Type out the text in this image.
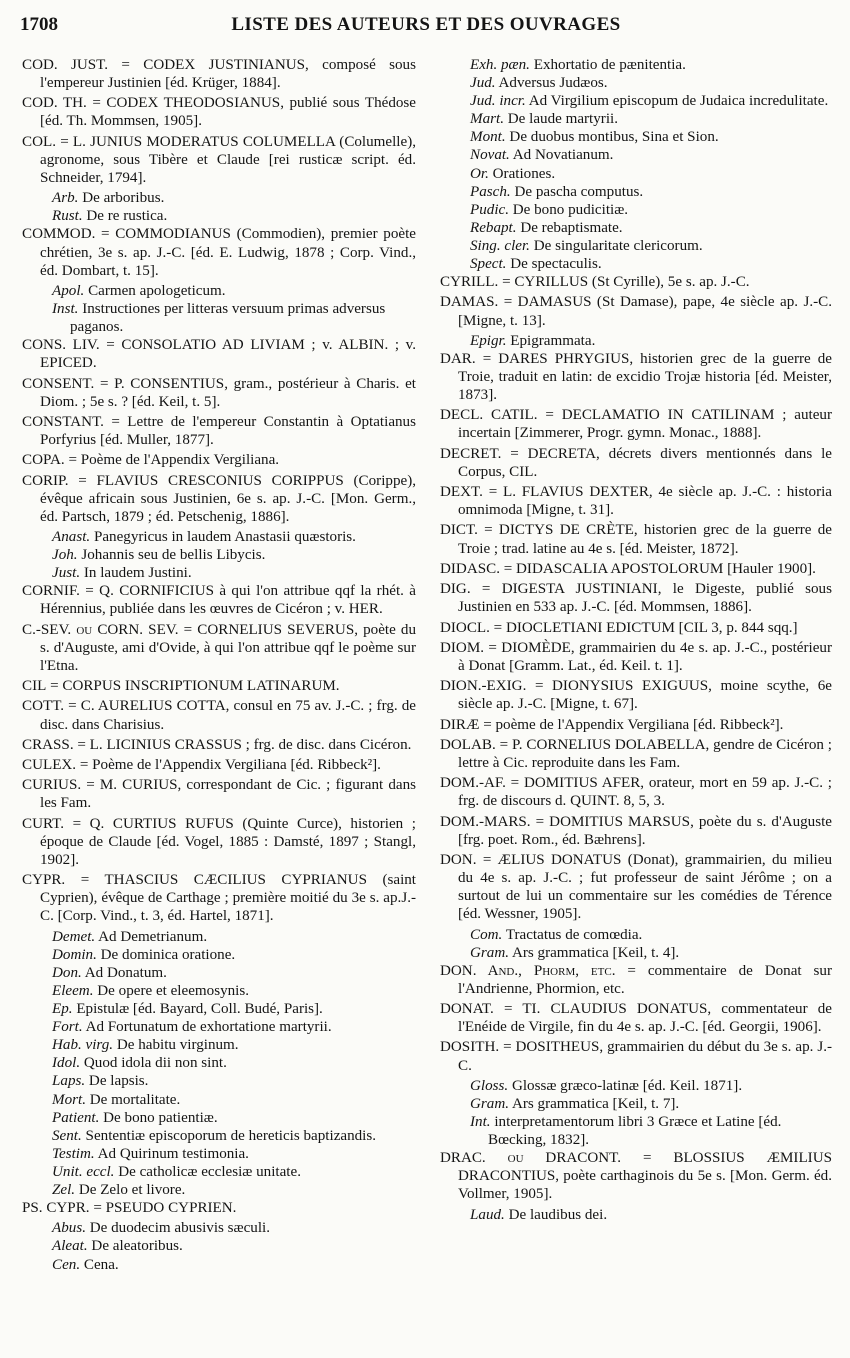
1708	LISTE DES AUTEURS ET DES OUVRAGES
COD. JUST. = CODEX JUSTINIANUS, composé sous l'empereur Justinien [éd. Krüger, 1884].
COD. TH. = CODEX THEODOSIANUS, publié sous Thédose [éd. Th. Mommsen, 1905].
COL. = L. JUNIUS MODERATUS COLUMELLA (Columelle), agronome, sous Tibère et Claude [rei rusticæ script. éd. Schneider, 1794].
Arb. De arboribus.
Rust. De re rustica.
COMMOD. = COMMODIANUS (Commodien), premier poète chrétien, 3e s. ap. J.-C. [éd. E. Ludwig, 1878 ; Corp. Vind., éd. Dombart, t. 15].
Apol. Carmen apologeticum.
Inst. Instructiones per litteras versuum primas adversus paganos.
CONS. LIV. = CONSOLATIO AD LIVIAM ; v. ALBIN. ; v. EPICED.
CONSENT. = P. CONSENTIUS, gram., postérieur à Charis. et Diom. ; 5e s. ? [éd. Keil, t. 5].
CONSTANT. = Lettre de l'empereur Constantin à Optatianus Porfyrius [éd. Muller, 1877].
COPA. = Poème de l'Appendix Vergiliana.
CORIP. = FLAVIUS CRESCONIUS CORIPPUS (Corippe), évêque africain sous Justinien, 6e s. ap. J.-C. [Mon. Germ., éd. Partsch, 1879 ; éd. Petschenig, 1886].
Anast. Panegyricus in laudem Anastasii quæstoris.
Joh. Johannis seu de bellis Libycis.
Just. In laudem Justini.
CORNIF. = Q. CORNIFICIUS à qui l'on attribue qqf la rhét. à Hérennius, publiée dans les œuvres de Cicéron ; v. HER.
C.-SEV. ou CORN. SEV. = CORNELIUS SEVERUS, poète du s. d'Auguste, ami d'Ovide, à qui l'on attribue qqf le poème sur l'Etna.
CIL = CORPUS INSCRIPTIONUM LATINARUM.
COTT. = C. AURELIUS COTTA, consul en 75 av. J.-C. ; frg. de disc. dans Charisius.
CRASS. = L. LICINIUS CRASSUS ; frg. de disc. dans Cicéron.
CULEX. = Poème de l'Appendix Vergiliana [éd. Ribbeck²].
CURIUS. = M. CURIUS, correspondant de Cic. ; figurant dans les Fam.
CURT. = Q. CURTIUS RUFUS (Quinte Curce), historien ; époque de Claude [éd. Vogel, 1885 : Damsté, 1897 ; Stangl, 1902].
CYPR. = THASCIUS CÆCILIUS CYPRIANUS (saint Cyprien), évêque de Carthage ; première moitié du 3e s. ap.J.-C. [Corp. Vind., t. 3, éd. Hartel, 1871].
Demet. Ad Demetrianum.
Domin. De dominica oratione.
Don. Ad Donatum.
Eleem. De opere et eleemosynis.
Ep. Epistulæ [éd. Bayard, Coll. Budé, Paris].
Fort. Ad Fortunatum de exhortatione martyrii.
Hab. virg. De habitu virginum.
Idol. Quod idola dii non sint.
Laps. De lapsis.
Mort. De mortalitate.
Patient. De bono patientiæ.
Sent. Sententiæ episcoporum de hereticis baptizandis.
Testim. Ad Quirinum testimonia.
Unit. eccl. De catholicæ ecclesiæ unitate.
Zel. De Zelo et livore.
PS. CYPR. = PSEUDO CYPRIEN.
Abus. De duodecim abusivis sæculi.
Aleat. De aleatoribus.
Cen. Cena.
Exh. pæn. Exhortatio de pænitentia.
Jud. Adversus Judæos.
Jud. incr. Ad Virgilium episcopum de Judaica incredulitate.
Mart. De laude martyrii.
Mont. De duobus montibus, Sina et Sion.
Novat. Ad Novatianum.
Or. Orationes.
Pasch. De pascha computus.
Pudic. De bono pudicitiæ.
Rebapt. De rebaptismate.
Sing. cler. De singularitate clericorum.
Spect. De spectaculis.
CYRILL. = CYRILLUS (St Cyrille), 5e s. ap. J.-C.
DAMAS. = DAMASUS (St Damase), pape, 4e siècle ap. J.-C. [Migne, t. 13].
Epigr. Epigrammata.
DAR. = DARES PHRYGIUS, historien grec de la guerre de Troie, traduit en latin: de excidio Trojæ historia [éd. Meister, 1873].
DECL. CATIL. = DECLAMATIO IN CATILINAM ; auteur incertain [Zimmerer, Progr. gymn. Monac., 1888].
DECRET. = DECRETA, décrets divers mentionnés dans le Corpus, CIL.
DEXT. = L. FLAVIUS DEXTER, 4e siècle ap. J.-C. : historia omnimoda [Migne, t. 31].
DICT. = DICTYS DE CRÈTE, historien grec de la guerre de Troie ; trad. latine au 4e s. [éd. Meister, 1872].
DIDASC. = DIDASCALIA APOSTOLORUM [Hauler 1900].
DIG. = DIGESTA JUSTINIANI, le Digeste, publié sous Justinien en 533 ap. J.-C. [éd. Mommsen, 1886].
DIOCL. = DIOCLETIANI EDICTUM [CIL 3, p. 844 sqq.]
DIOM. = DIOMÈDE, grammairien du 4e s. ap. J.-C., postérieur à Donat [Gramm. Lat., éd. Keil. t. 1].
DION.-EXIG. = DIONYSIUS EXIGUUS, moine scythe, 6e siècle ap. J.-C. [Migne, t. 67].
DIRÆ = poème de l'Appendix Vergiliana [éd. Ribbeck²].
DOLAB. = P. CORNELIUS DOLABELLA, gendre de Cicéron ; lettre à Cic. reproduite dans les Fam.
DOM.-AF. = DOMITIUS AFER, orateur, mort en 59 ap. J.-C. ; frg. de discours d. QUINT. 8, 5, 3.
DOM.-MARS. = DOMITIUS MARSUS, poète du s. d'Auguste [frg. poet. Rom., éd. Bæhrens].
DON. = ÆLIUS DONATUS (Donat), grammairien, du milieu du 4e s. ap. J.-C. ; fut professeur de saint Jérôme ; on a surtout de lui un commentaire sur les comédies de Térence [éd. Wessner, 1905].
Com. Tractatus de comœdia.
Gram. Ars grammatica [Keil, t. 4].
DON. And., Phorm, etc. = commentaire de Donat sur l'Andrienne, Phormion, etc.
DONAT. = TI. CLAUDIUS DONATUS, commentateur de l'Enéide de Virgile, fin du 4e s. ap. J.-C. [éd. Georgii, 1906].
DOSITH. = DOSITHEUS, grammairien du début du 3e s. ap. J.-C.
Gloss. Glossæ græco-latinæ [éd. Keil. 1871].
Gram. Ars grammatica [Keil, t. 7].
Int. interpretamentorum libri 3 Græce et Latine [éd. Bœcking, 1832].
DRAC. ou DRACONT. = BLOSSIUS ÆMILIUS DRACONTIUS, poète carthaginois du 5e s. [Mon. Germ. éd. Vollmer, 1905].
Laud. De laudibus dei.
